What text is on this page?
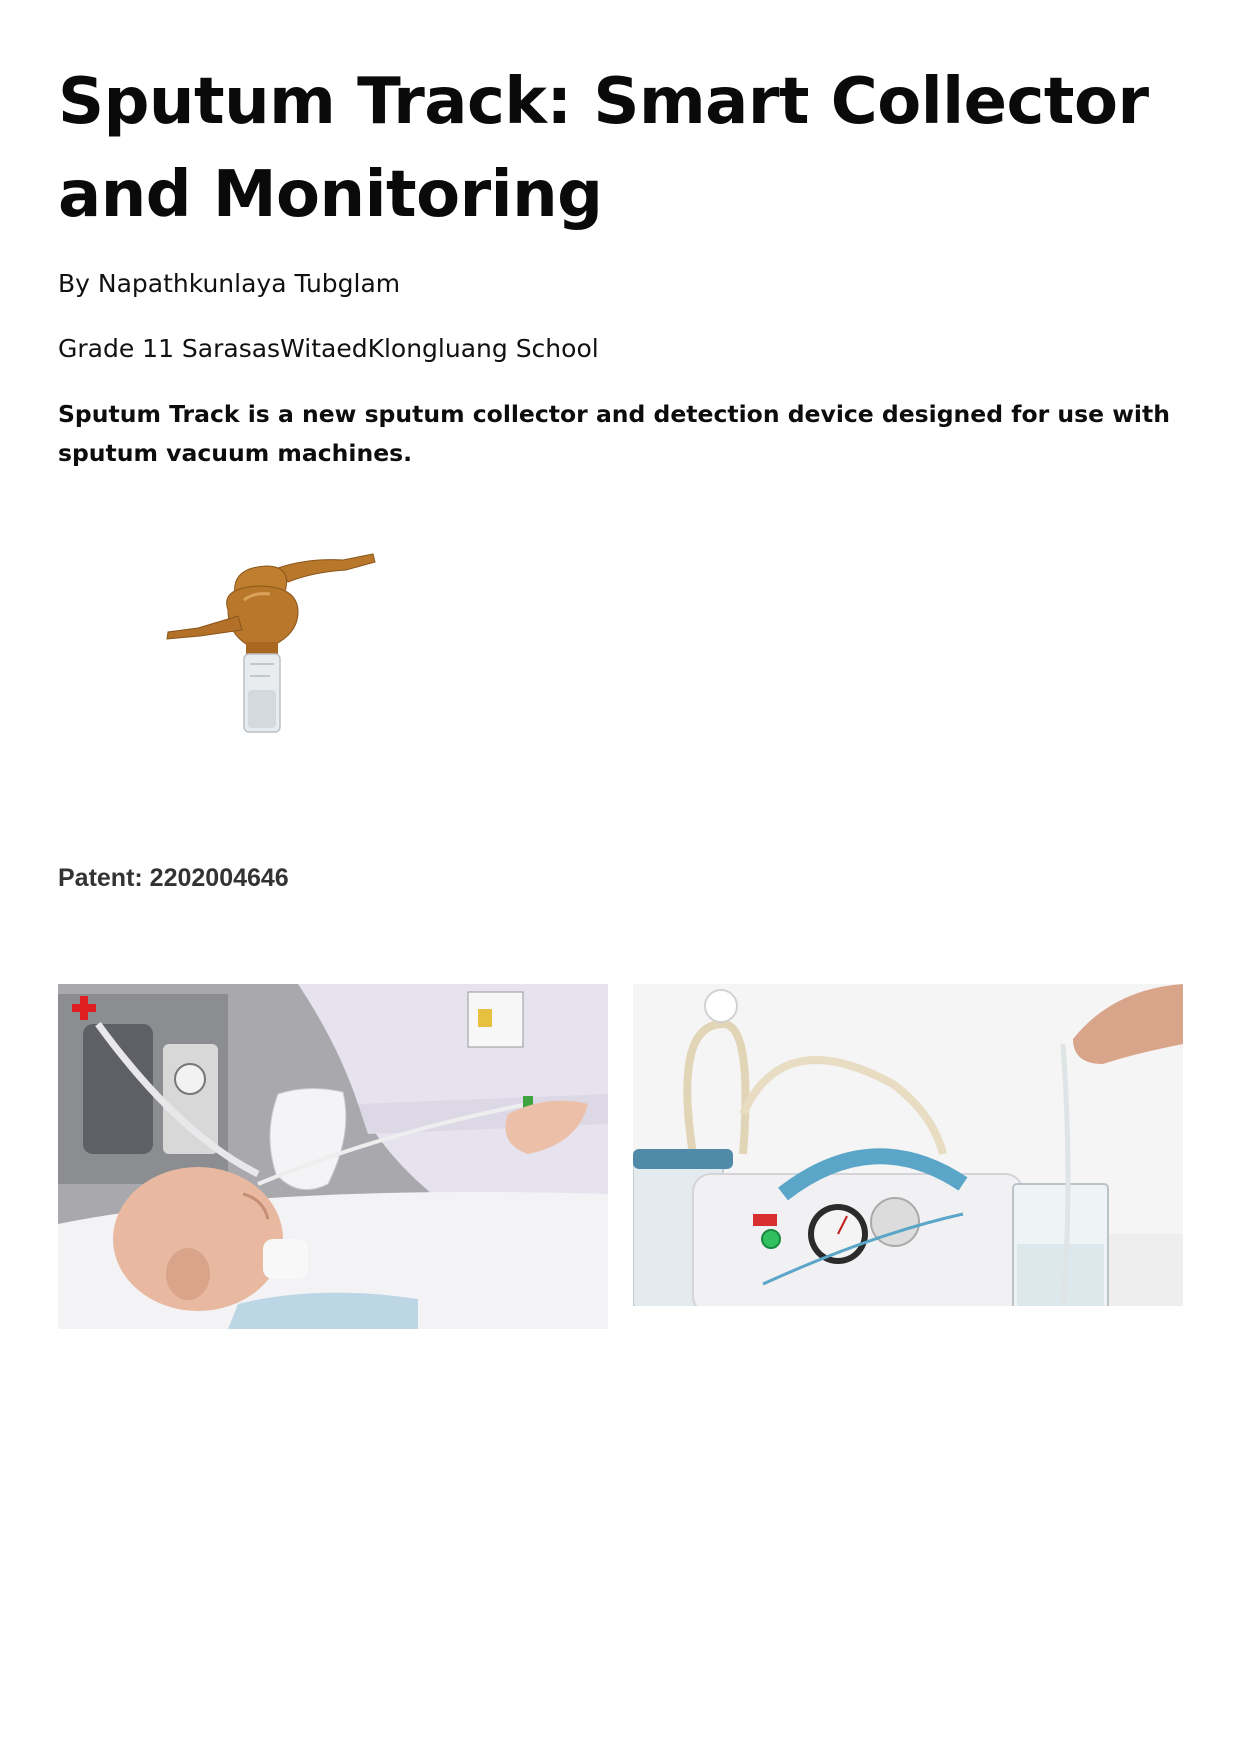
Sputum Track: Smart Collector and Monitoring

By Napathkunlaya Tubglam

Grade 11 SarasasWitaedKlongluang School

Sputum Track is a new sputum collector and detection device designed for use with sputum vacuum machines.

Patent: 2202004646
